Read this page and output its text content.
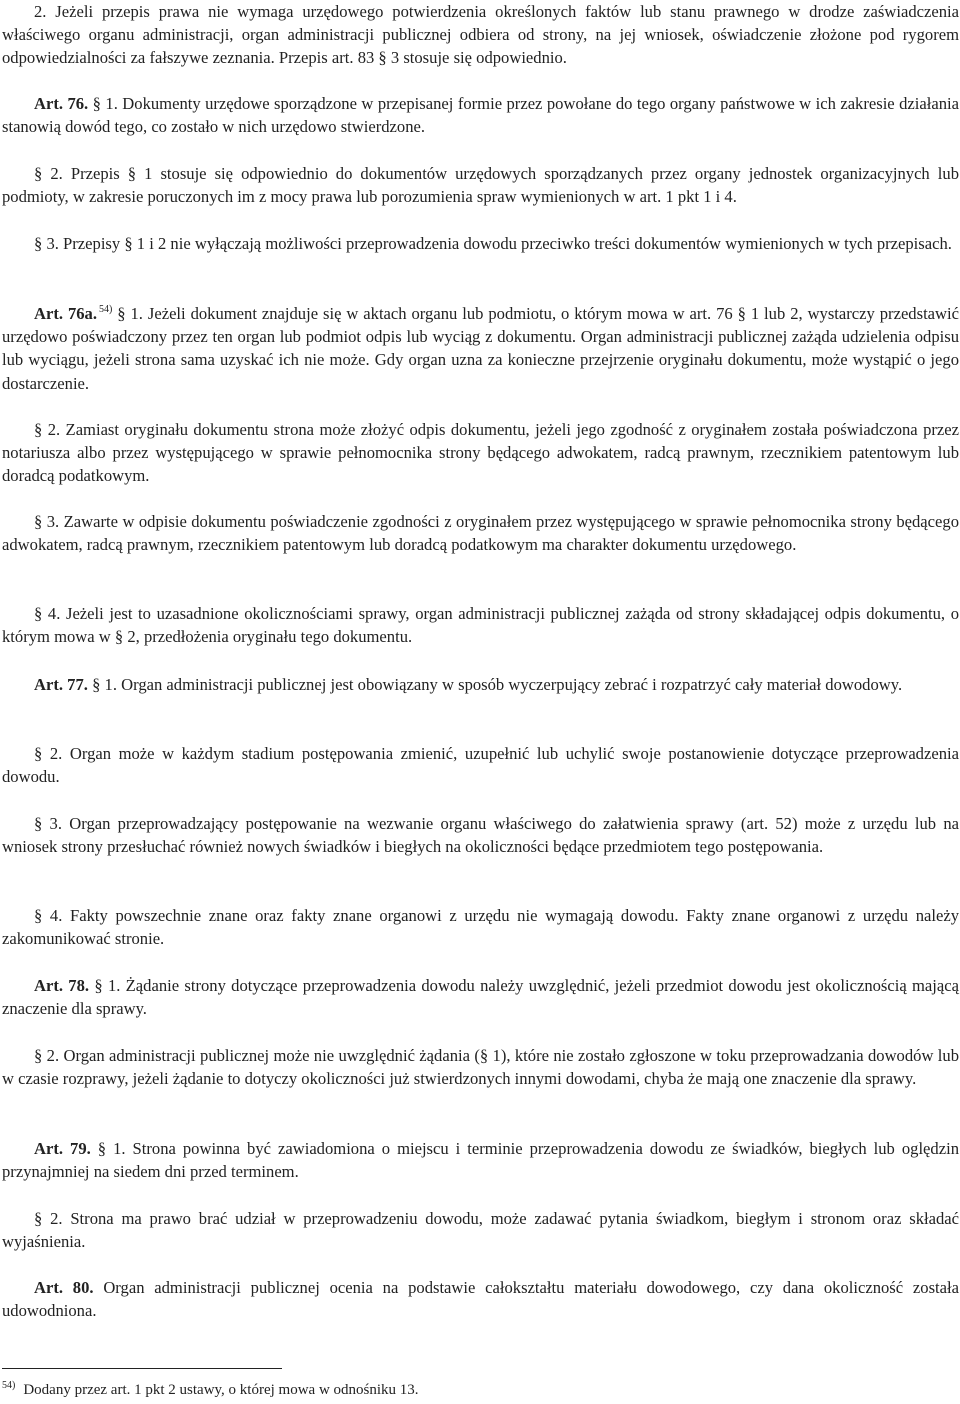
2. Jeżeli przepis prawa nie wymaga urzędowego potwierdzenia określonych faktów lub stanu prawnego w drodze zaświadczenia właściwego organu administracji, organ administracji publicznej odbiera od strony, na jej wniosek, oświadczenie złożone pod rygorem odpowiedzialności za fałszywe zeznania. Przepis art. 83 § 3 stosuje się odpowiednio.

Art. 76. § 1. Dokumenty urzędowe sporządzone w przepisanej formie przez powołane do tego organy państwowe w ich zakresie działania stanowią dowód tego, co zostało w nich urzędowo stwierdzone.

§ 2. Przepis § 1 stosuje się odpowiednio do dokumentów urzędowych sporządzanych przez organy jednostek organizacyjnych lub podmioty, w zakresie poruczonych im z mocy prawa lub porozumienia spraw wymienionych w art. 1 pkt 1 i 4.

§ 3. Przepisy § 1 i 2 nie wyłączają możliwości przeprowadzenia dowodu przeciwko treści dokumentów wymienionych w tych przepisach.

Art. 76a. $^{54)}$ § 1. Jeżeli dokument znajduje się w aktach organu lub podmiotu, o którym mowa w art. 76 § 1 lub 2, wystarczy przedstawić urzędowo poświadczony przez ten organ lub podmiot odpis lub wyciąg z dokumentu. Organ administracji publicznej zażąda udzielenia odpisu lub wyciągu, jeżeli strona sama uzyskać ich nie może. Gdy organ uzna za konieczne przejrzenie oryginału dokumentu, może wystąpić o jego dostarczenie.

§ 2. Zamiast oryginału dokumentu strona może złożyć odpis dokumentu, jeżeli jego zgodność z oryginałem została poświadczona przez notariusza albo przez występującego w sprawie pełnomocnika strony będącego adwokatem, radcą prawnym, rzecznikiem patentowym lub doradcą podatkowym.

§ 3. Zawarte w odpisie dokumentu poświadczenie zgodności z oryginałem przez występującego w sprawie pełnomocnika strony będącego adwokatem, radcą prawnym, rzecznikiem patentowym lub doradcą podatkowym ma charakter dokumentu urzędowego.

§ 4. Jeżeli jest to uzasadnione okolicznościami sprawy, organ administracji publicznej zażąda od strony składającej odpis dokumentu, o którym mowa w § 2, przedłożenia oryginału tego dokumentu.

Art. 77. § 1. Organ administracji publicznej jest obowiązany w sposób wyczerpujący zebrać i rozpatrzyć cały materiał dowodowy.

§ 2. Organ może w każdym stadium postępowania zmienić, uzupełnić lub uchylić swoje postanowienie dotyczące przeprowadzenia dowodu.

§ 3. Organ przeprowadzający postępowanie na wezwanie organu właściwego do załatwienia sprawy (art. 52) może z urzędu lub na wniosek strony przesłuchać również nowych świadków i biegłych na okoliczności będące przedmiotem tego postępowania.

§ 4. Fakty powszechnie znane oraz fakty znane organowi z urzędu nie wymagają dowodu. Fakty znane organowi z urzędu należy zakomunikować stronie.

Art. 78. § 1. Żądanie strony dotyczące przeprowadzenia dowodu należy uwzględnić, jeżeli przedmiot dowodu jest okolicznością mającą znaczenie dla sprawy.

§ 2. Organ administracji publicznej może nie uwzględnić żądania (§ 1), które nie zostało zgłoszone w toku przeprowadzania dowodów lub w czasie rozprawy, jeżeli żądanie to dotyczy okoliczności już stwierdzonych innymi dowodami, chyba że mają one znaczenie dla sprawy.

Art. 79. § 1. Strona powinna być zawiadomiona o miejscu i terminie przeprowadzenia dowodu ze świadków, biegłych lub oględzin przynajmniej na siedem dni przed terminem.

§ 2. Strona ma prawo brać udział w przeprowadzeniu dowodu, może zadawać pytania świadkom, biegłym i stronom oraz składać wyjaśnienia.

Art. 80. Organ administracji publicznej ocenia na podstawie całokształtu materiału dowodowego, czy dana okoliczność została udowodniona.

$^{54)}$ Dodany przez art. 1 pkt 2 ustawy, o której mowa w odnośniku 13.
